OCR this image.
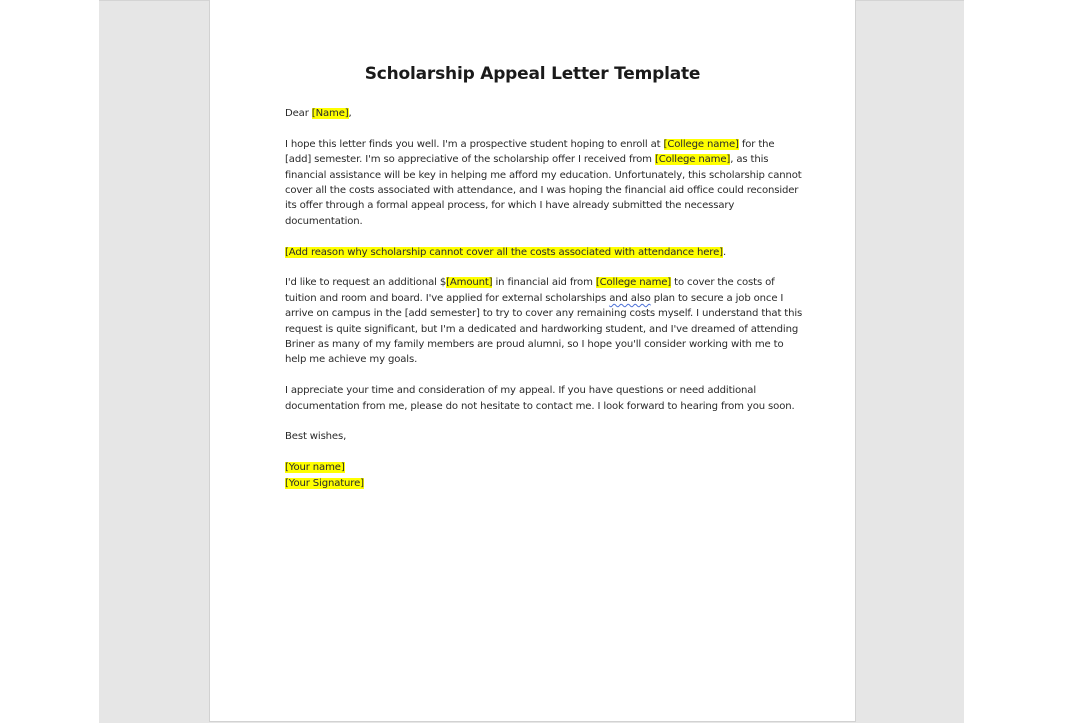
Scholarship Appeal Letter Template

Dear [Name],

I hope this letter finds you well. I'm a prospective student hoping to enroll at [College name] for the
[add] semester. I'm so appreciative of the scholarship offer I received from [College name], as this
financial assistance will be key in helping me afford my education. Unfortunately, this scholarship cannot
cover all the costs associated with attendance, and I was hoping the financial aid office could reconsider
its offer through a formal appeal process, for which I have already submitted the necessary
documentation.

[Add reason why scholarship cannot cover all the costs associated with attendance here].

I'd like to request an additional $[Amount] in financial aid from [College name] to cover the costs of
tuition and room and board. I've applied for external scholarships and also plan to secure a job once I
arrive on campus in the [add semester] to try to cover any remaining costs myself. I understand that this
request is quite significant, but I'm a dedicated and hardworking student, and I've dreamed of attending
Briner as many of my family members are proud alumni, so I hope you'll consider working with me to
help me achieve my goals.

I appreciate your time and consideration of my appeal. If you have questions or need additional
documentation from me, please do not hesitate to contact me. I look forward to hearing from you soon.

Best wishes,

[Your name]
[Your Signature]
